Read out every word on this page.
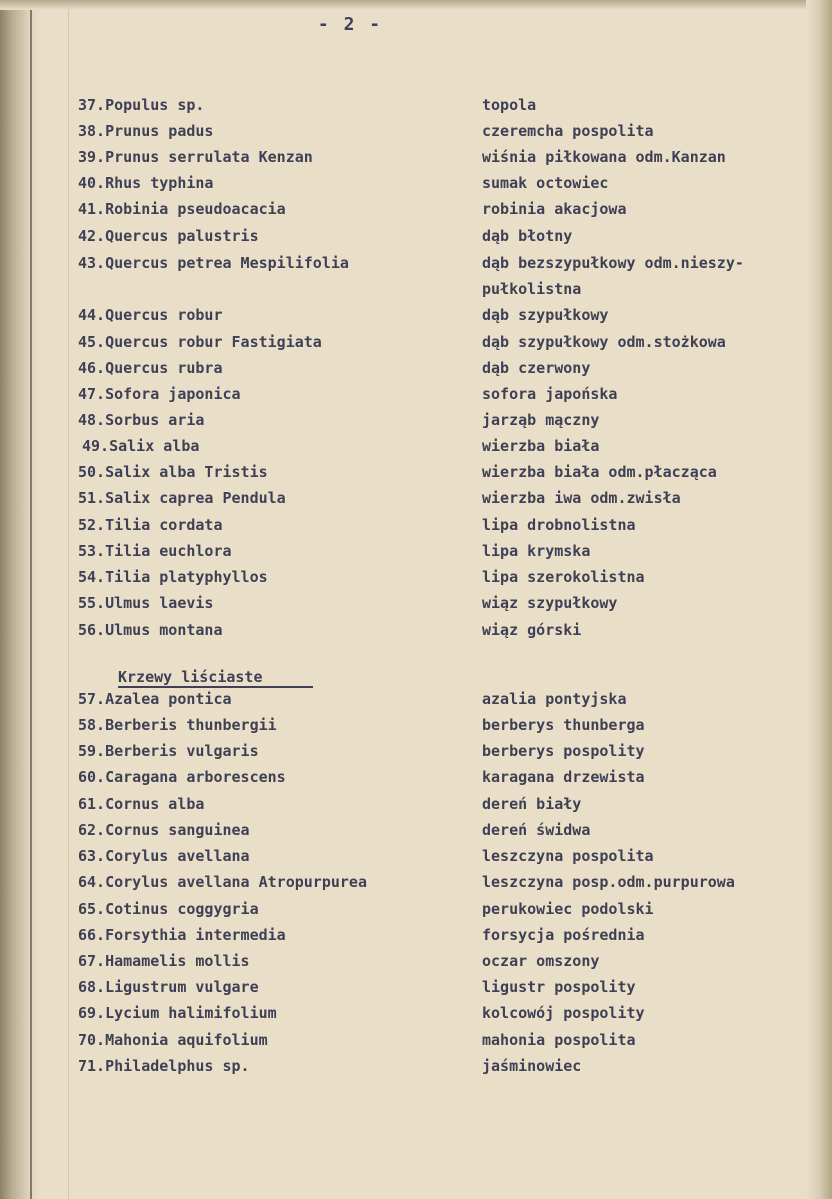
- 2 -
37.Populus sp.	topola
38.Prunus padus	czeremcha pospolita
39.Prunus serrulata Kenzan	wiśnia piłkowana odm.Kanzan
40.Rhus typhina	sumak octowiec
41.Robinia pseudoacacia	robinia akacjowa
42.Quercus palustris	dąb błotny
43.Quercus petrea Mespilifolia	dąb bezszypułkowy odm.nieszy-
pułkolistna
44.Quercus robur	dąb szypułkowy
45.Quercus robur Fastigiata	dąb szypułkowy odm.stożkowa
46.Quercus rubra	dąb czerwony
47.Sofora japonica	sofora japońska
48.Sorbus aria	jarząb mączny
49.Salix alba	wierzba biała
50.Salix alba Tristis	wierzba biała odm.płacząca
51.Salix caprea Pendula	wierzba iwa odm.zwisła
52.Tilia cordata	lipa drobnolistna
53.Tilia euchlora	lipa krymska
54.Tilia platyphyllos	lipa szerokolistna
55.Ulmus laevis	wiąz szypułkowy
56.Ulmus montana	wiąz górski
Krzewy liściaste
57.Azalea pontica	azalia pontyjska
58.Berberis thunbergii	berberys thunberga
59.Berberis vulgaris	berberys pospolity
60.Caragana arborescens	karagana drzewista
61.Cornus alba	dereń biały
62.Cornus sanguinea	dereń świdwa
63.Corylus avellana	leszczyna pospolita
64.Corylus avellana Atropurpurea	leszczyna posp.odm.purpurowa
65.Cotinus coggygria	perukowiec podolski
66.Forsythia intermedia	forsycja pośrednia
67.Hamamelis mollis	oczar omszony
68.Ligustrum vulgare	ligustr pospolity
69.Lycium halimifolium	kolcowój pospolity
70.Mahonia aquifolium	mahonia pospolita
71.Philadelphus sp.	jaśminowiec
